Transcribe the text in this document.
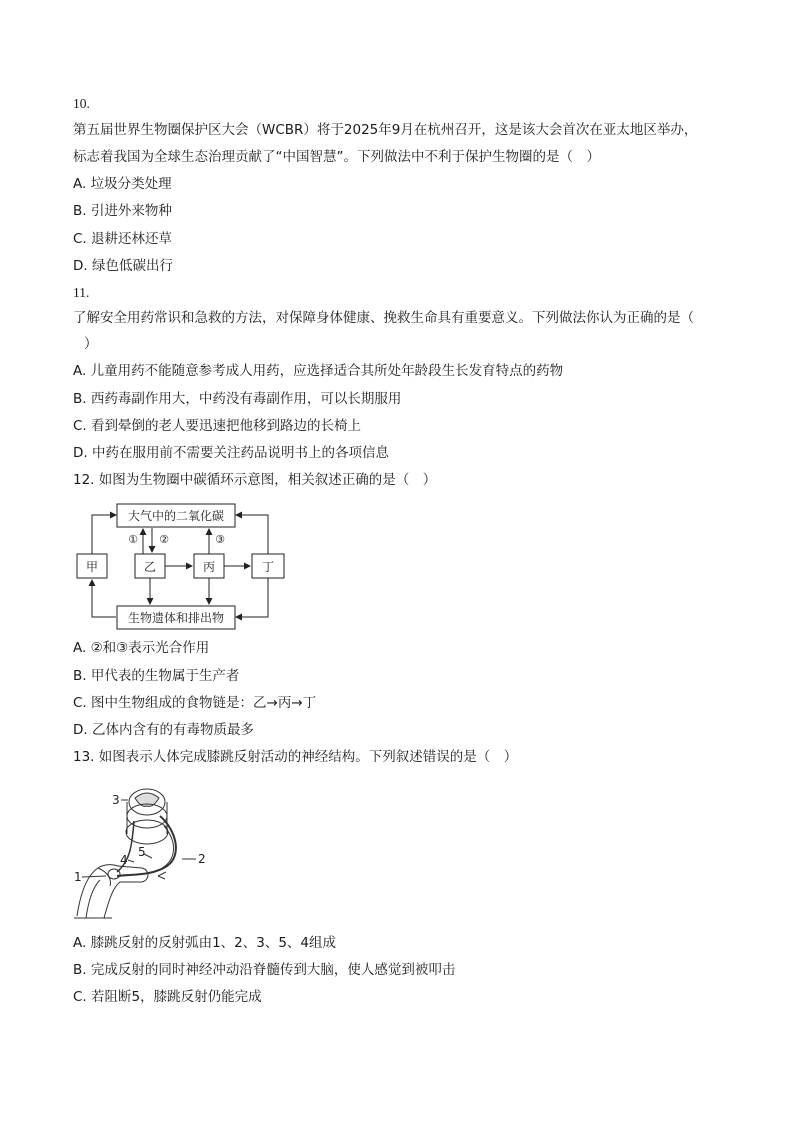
10.
第五届世界生物圈保护区大会（WCBR）将于2025年9月在杭州召开，这是该大会首次在亚太地区举办，
标志着我国为全球生态治理贡献了“中国智慧”。下列做法中不利于保护生物圈的是（　）
A. 垃圾分类处理
B. 引进外来物种
C. 退耕还林还草
D. 绿色低碳出行
11.
了解安全用药常识和急救的方法，对保障身体健康、挽救生命具有重要意义。下列做法你认为正确的是（
）
A. 儿童用药不能随意参考成人用药，应选择适合其所处年龄段生长发育特点的药物
B. 西药毒副作用大，中药没有毒副作用，可以长期服用
C. 看到晕倒的老人要迅速把他移到路边的长椅上
D. 中药在服用前不需要关注药品说明书上的各项信息
12. 如图为生物圈中碳循环示意图，相关叙述正确的是（　）
大气中的二氧化碳
生物遗体和排出物
甲	乙	丙	丁
① ②	③
A. ②和③表示光合作用
B. 甲代表的生物属于生产者
C. 图中生物组成的食物链是：乙→丙→丁
D. 乙体内含有的有毒物质最多
13. 如图表示人体完成膝跳反射活动的神经结构。下列叙述错误的是（　）
3
1
2
4
5
A. 膝跳反射的反射弧由1、2、3、5、4组成
B. 完成反射的同时神经冲动沿脊髓传到大脑，使人感觉到被叩击
C. 若阻断5，膝跳反射仍能完成
